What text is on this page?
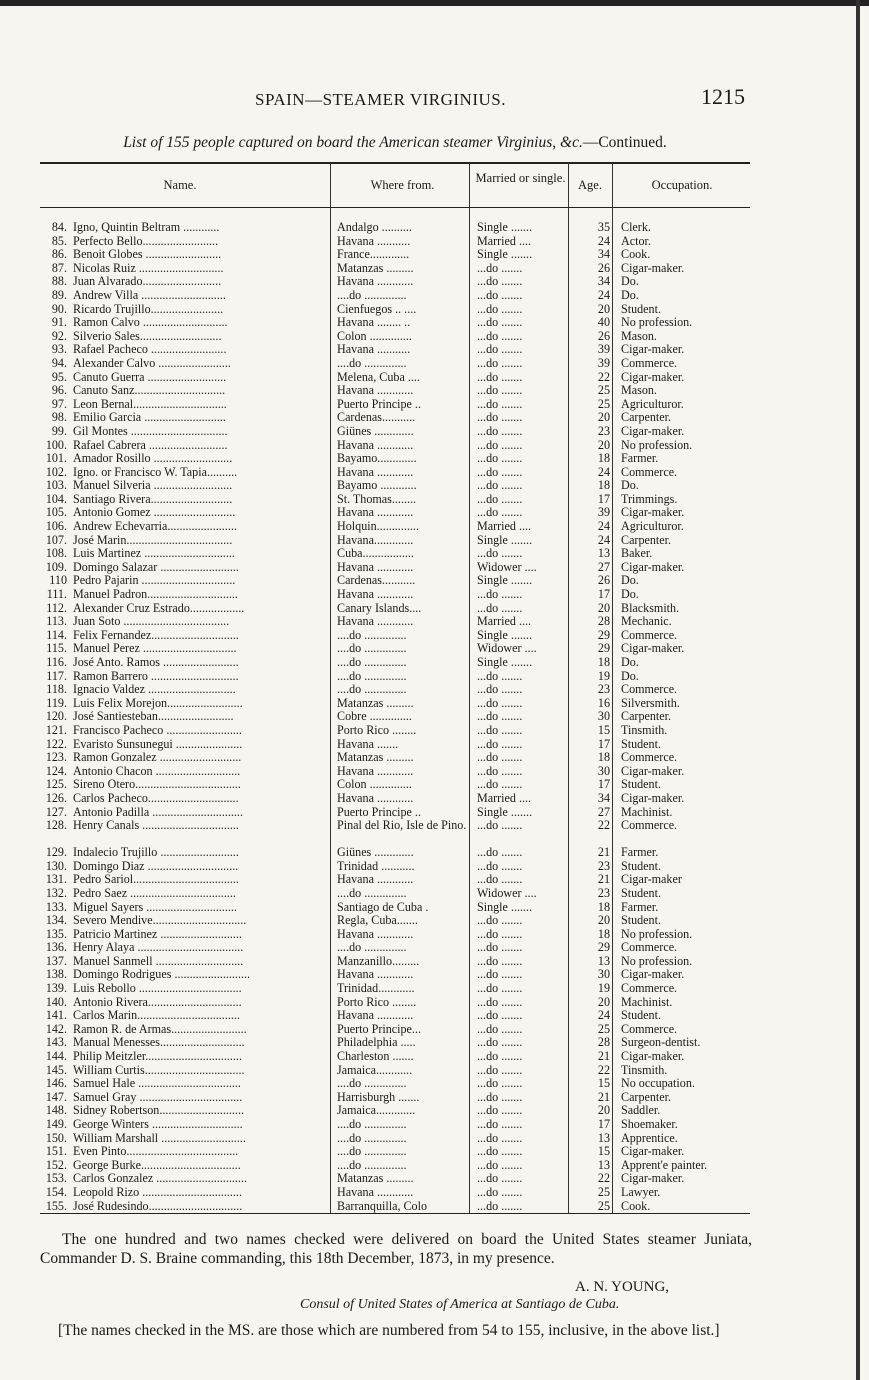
SPAIN—STEAMER VIRGINIUS.	1215
List of 155 people captured on board the American steamer Virginius, &c.—Continued.
Name.	Where from.	Married or single.	Age.	Occupation.
84. Igno, Quintin Beltram ............	Andalgo ..........	Single .......	35 Clerk.
85. Perfecto Bello.........................	Havana ...........	Married ....	24 Actor.
86. Benoit Globes .........................	France.............	Single .......	34 Cook.
87. Nicolas Ruiz ............................	Matanzas .........	...do .......	26 Cigar-maker.
88. Juan Alvarado..........................	Havana ............	...do .......	34 Do.
89. Andrew Villa ............................	....do ..............	...do .......	24 Do.
90. Ricardo Trujillo........................	Cienfuegos .. ....	...do .......	20 Student.
91. Ramon Calvo ............................	Havana ........ ..	...do .......	40 No profession.
92. Silverio Sales...........................	Colon ..............	...do .......	26 Mason.
93. Rafael Pacheco .........................	Havana ...........	...do .......	39 Cigar-maker.
94. Alexander Calvo ........................	....do ..............	...do .......	39 Commerce.
95. Canuto Guerra ..........................	Melena, Cuba ....	...do .......	22 Cigar-maker.
96. Canuto Sanz..............................	Havana ............	...do .......	25 Mason.
97. Leon Bernal...............................	Puerto Principe ..	...do .......	25 Agriculturor.
98. Emilio Garcia ...........................	Cardenas...........	...do .......	20 Carpenter.
99. Gil Montes ................................	Giünes .............	...do .......	23 Cigar-maker.
100. Rafael Cabrera ..........................	Havana ............	...do .......	20 No profession.
101. Amador Rosillo ..........................	Bayamo.............	...do .......	18 Farmer.
102. Igno. or Francisco W. Tapia..........	Havana ............	...do .......	24 Commerce.
103. Manuel Silveria ..........................	Bayamo ............	...do .......	18 Do.
104. Santiago Rivera...........................	St. Thomas........	...do .......	17 Trimmings.
105. Antonio Gomez ...........................	Havana ............	...do .......	39 Cigar-maker.
106. Andrew Echevarria.......................	Holquin..............	Married ....	24 Agriculturor.
107. José Marin...................................	Havana.............	Single .......	24 Carpenter.
108. Luis Martinez ..............................	Cuba.................	...do .......	13 Baker.
109. Domingo Salazar ..........................	Havana ............	Widower ....	27 Cigar-maker.
110 Pedro Pajarin ...............................	Cardenas...........	Single .......	26 Do.
111. Manuel Padron..............................	Havana ............	...do .......	17 Do.
112. Alexander Cruz Estrado..................	Canary Islands....	...do .......	20 Blacksmith.
113. Juan Soto ...................................	Havana ............	Married ....	28 Mechanic.
114. Felix Fernandez.............................	....do ..............	Single .......	29 Commerce.
115. Manuel Perez ...............................	....do ..............	Widower ....	29 Cigar-maker.
116. José Anto. Ramos .........................	....do ..............	Single .......	18 Do.
117. Ramon Barrero .............................	....do ..............	...do .......	19 Do.
118. Ignacio Valdez .............................	....do ..............	...do .......	23 Commerce.
119. Luis Felix Morejon.........................	Matanzas .........	...do .......	16 Silversmith.
120. José Santiesteban.........................	Cobre ..............	...do .......	30 Carpenter.
121. Francisco Pacheco .........................	Porto Rico ........	...do .......	15 Tinsmith.
122. Evaristo Sunsunegui ......................	Havana .......	...do .......	17 Student.
123. Ramon Gonzalez ...........................	Matanzas .........	...do .......	18 Commerce.
124. Antonio Chacon ............................	Havana ............	...do .......	30 Cigar-maker.
125. Sireno Otero...................................	Colon ..............	...do .......	17 Student.
126. Carlos Pacheco..............................	Havana ............	Married ....	34 Cigar-maker.
127. Antonio Padilla ..............................	Puerto Principe ..	Single .......	27 Machinist.
128. Henry Canals ................................	Pinal del Rio, Isle de Pino. ...do .......	22 Commerce.
129. Indalecio Trujillo ..........................	Giünes .............	...do .......	21 Farmer.
130. Domingo Diaz ..............................	Trinidad ...........	...do .......	23 Student.
131. Pedro Sariol...................................	Havana ............	...do .......	21 Cigar-maker
132. Pedro Saez ...................................	....do ..............	Widower ....	23 Student.
133. Miguel Sayers ..............................	Santiago de Cuba .	Single .......	18 Farmer.
134. Severo Mendive...............................	Regla, Cuba.......	...do .......	20 Student.
135. Patricio Martinez ...........................	Havana ............	...do .......	18 No profession.
136. Henry Alaya ...................................	....do ..............	...do .......	29 Commerce.
137. Manuel Sanmell .............................	Manzanillo.........	...do .......	13 No profession.
138. Domingo Rodrigues .........................	Havana ............	...do .......	30 Cigar-maker.
139. Luis Rebollo ..................................	Trinidad............	...do .......	19 Commerce.
140. Antonio Rivera...............................	Porto Rico ........	...do .......	20 Machinist.
141. Carlos Marin..................................	Havana ............	...do .......	24 Student.
142. Ramon R. de Armas.........................	Puerto Principe...	...do .......	25 Commerce.
143. Manual Menesses............................	Philadelphia .....	...do .......	28 Surgeon-dentist.
144. Philip Meitzler................................	Charleston .......	...do .......	21 Cigar-maker.
145. William Curtis.................................	Jamaica............	...do .......	22 Tinsmith.
146. Samuel Hale ..................................	....do ..............	...do .......	15 No occupation.
147. Samuel Gray ..................................	Harrisburgh .......	...do .......	21 Carpenter.
148. Sidney Robertson............................	Jamaica.............	...do .......	20 Saddler.
149. George Winters ..............................	....do ..............	...do .......	17 Shoemaker.
150. William Marshall ............................	....do ..............	...do .......	13 Apprentice.
151. Even Pinto.....................................	....do ..............	...do .......	15 Cigar-maker.
152. George Burke.................................	....do ..............	...do .......	13 Apprent'e painter.
153. Carlos Gonzalez ..............................	Matanzas .........	...do .......	22 Cigar-maker.
154. Leopold Rizo .................................	Havana ............	...do .......	25 Lawyer.
155. José Rudesindo...............................	Barranquilla, Colo	...do .......	25 Cook.
The one hundred and two names checked were delivered on board the United States steamer Juniata, Commander D. S. Braine commanding, this 18th December, 1873, in my presence.
A. N. YOUNG,
Consul of United States of America at Santiago de Cuba.
[The names checked in the MS. are those which are numbered from 54 to 155, inclusive, in the above list.]
